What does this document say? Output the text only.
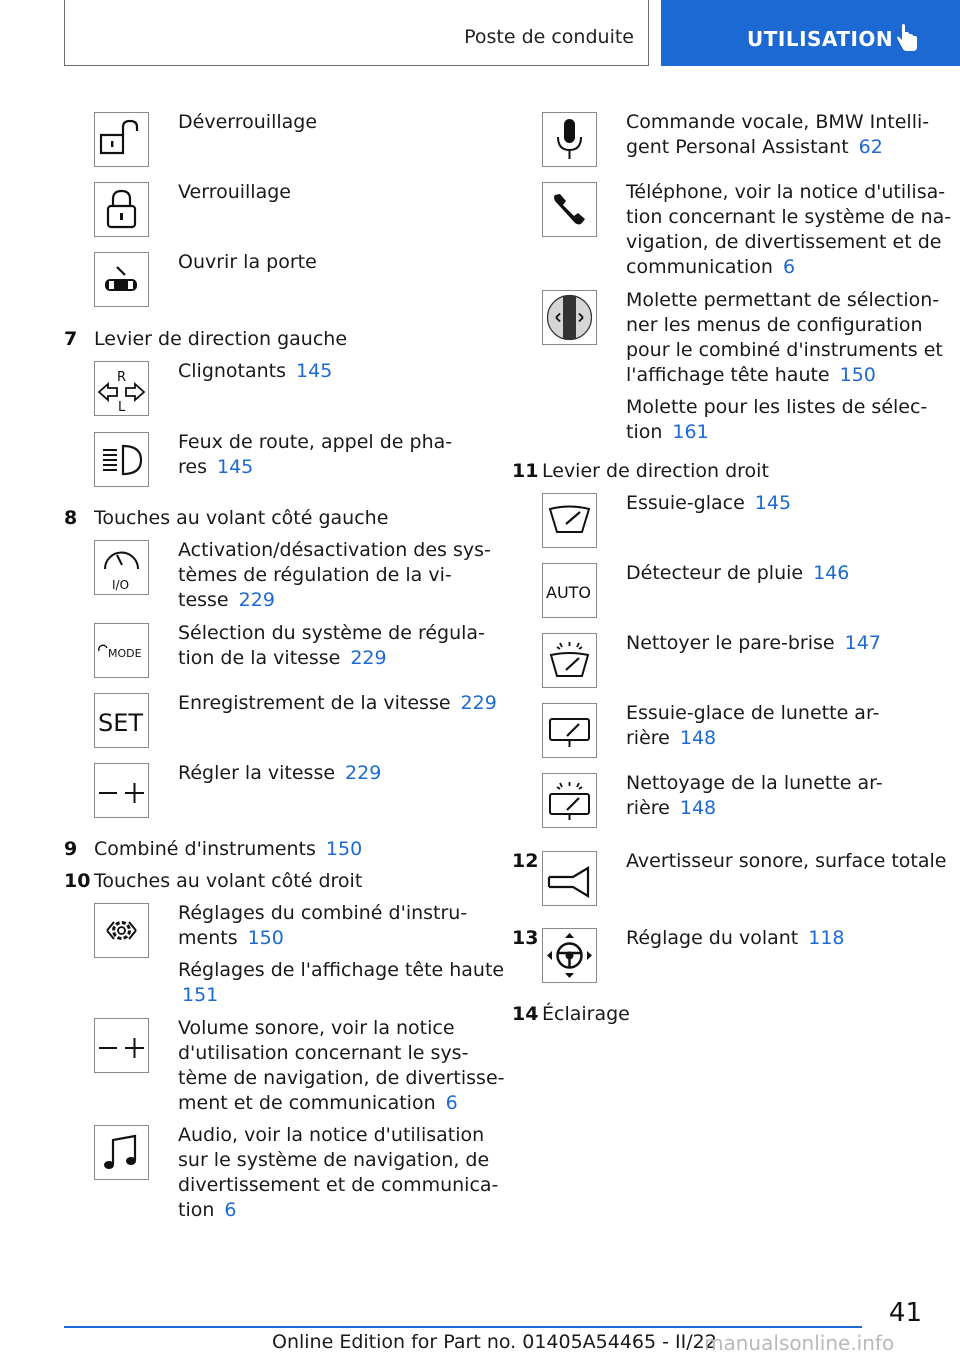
Poste de conduite	UTILISATION
Déverrouillage
Verrouillage
Ouvrir la porte
7 Levier de direction gauche
R
L
Clignotants 145
Feux de route, appel de pha-
res 145
8 Touches au volant côté gauche
I/O
Activation/désactivation des sys-
tèmes de régulation de la vi-
tesse 229
MODE
Sélection du système de régula-
tion de la vitesse 229
SET
Enregistrement de la vitesse 229
Régler la vitesse 229
9 Combiné d'instruments 150
10 Touches au volant côté droit
Réglages du combiné d'instru-
ments 150
Réglages de l'affichage tête haute
151
Volume sonore, voir la notice
d'utilisation concernant le sys-
tème de navigation, de divertisse-
ment et de communication 6
Audio, voir la notice d'utilisation
sur le système de navigation, de
divertissement et de communica-
tion 6
Commande vocale, BMW Intelli-
gent Personal Assistant 62
Téléphone, voir la notice d'utilisa-
tion concernant le système de na-
vigation, de divertissement et de
communication 6
Molette permettant de sélection-
ner les menus de configuration
pour le combiné d'instruments et
l'affichage tête haute 150
Molette pour les listes de sélec-
tion 161
11 Levier de direction droit
Essuie-glace 145
AUTO
Détecteur de pluie 146
Nettoyer le pare-brise 147
Essuie-glace de lunette ar-
rière 148
Nettoyage de la lunette ar-
rière 148
12	Avertisseur sonore, surface totale
13	Réglage du volant 118
14 Éclairage
41
Online Edition for Part no. 01405A54465 - II/22
manualsonline.info
